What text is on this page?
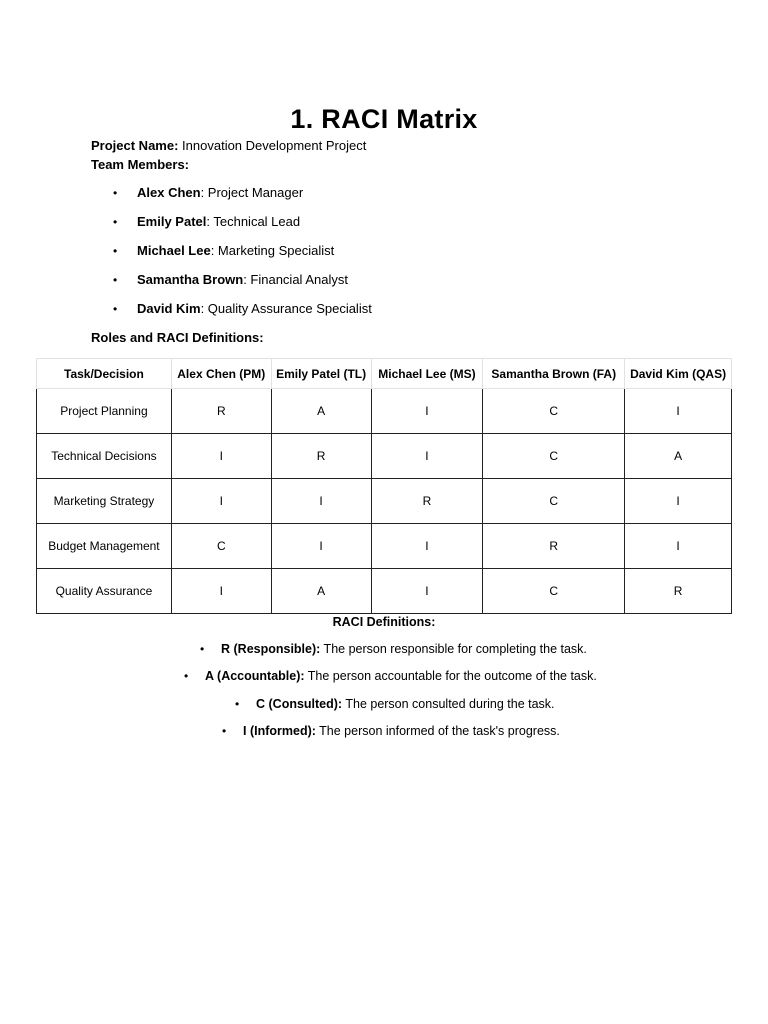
1. RACI Matrix
Project Name: Innovation Development Project
Team Members:
• Alex Chen: Project Manager
• Emily Patel: Technical Lead
• Michael Lee: Marketing Specialist
• Samantha Brown: Financial Analyst
• David Kim: Quality Assurance Specialist
Roles and RACI Definitions:
Task/Decision	Alex Chen (PM)	Emily Patel (TL)	Michael Lee (MS)	Samantha Brown (FA)	David Kim (QAS)
Project Planning	R	A	I	C	I
Technical Decisions	I	R	I	C	A
Marketing Strategy	I	I	R	C	I
Budget Management	C	I	I	R	I
Quality Assurance	I	A	I	C	R
RACI Definitions:
• R (Responsible): The person responsible for completing the task.
• A (Accountable): The person accountable for the outcome of the task.
• C (Consulted): The person consulted during the task.
• I (Informed): The person informed of the task's progress.
